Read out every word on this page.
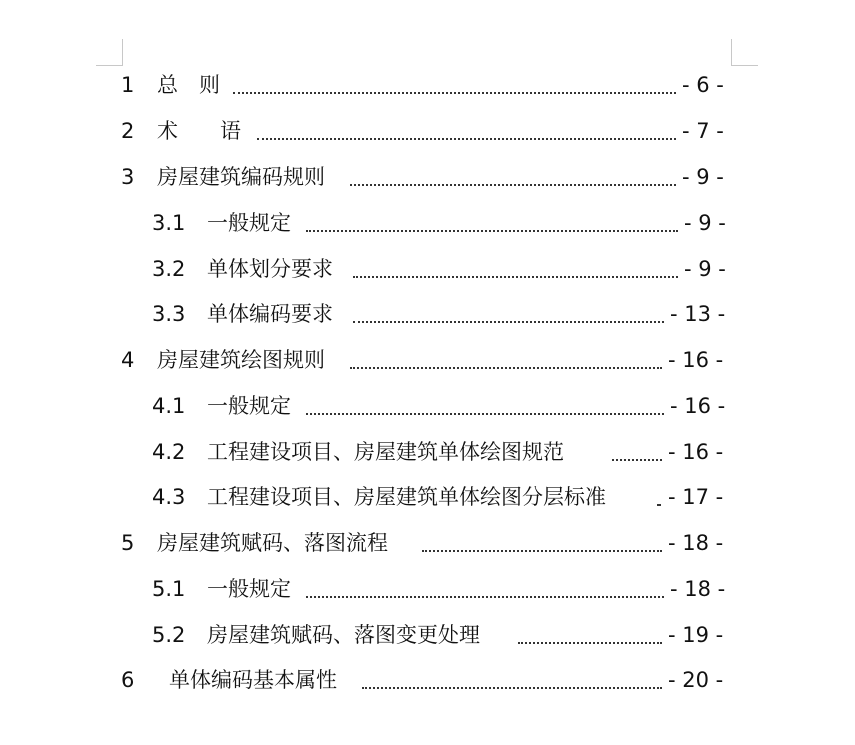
1 总　则	- 6 -
2 术　　语	- 7 -
3 房屋建筑编码规则	- 9 -
3.1 一般规定	- 9 -
3.2 单体划分要求	- 9 -
3.3 单体编码要求	- 13 -
4 房屋建筑绘图规则	- 16 -
4.1 一般规定	- 16 -
4.2 工程建设项目、房屋建筑单体绘图规范	- 16 -
4.3 工程建设项目、房屋建筑单体绘图分层标准	- 17 -
5 房屋建筑赋码、落图流程	- 18 -
5.1 一般规定	- 18 -
5.2 房屋建筑赋码、落图变更处理	- 19 -
6 单体编码基本属性	- 20 -
